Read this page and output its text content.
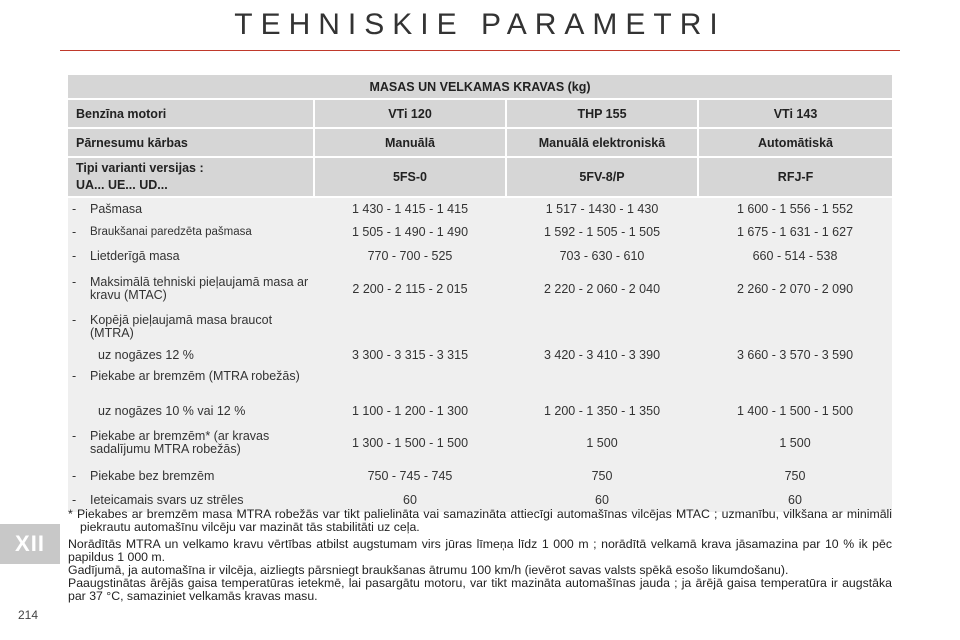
TEHNISKIE PARAMETRI
MASAS UN VELKAMAS KRAVAS (kg)			
Benzīna motori	VTi 120	THP 155	VTi 143
Pārnesumu kārbas	Manuālā	Manuālā elektroniskā	Automātiskā
Tipi varianti versijas :
UA... UE... UD...	5FS-0	5FV-8/P	RFJ-F

- Pašmasa	1 430 - 1 415 - 1 415	1 517 - 1430 - 1 430	1 600 - 1 556 - 1 552

- Braukšanai paredzēta pašmasa	1 505 - 1 490 - 1 490	1 592 - 1 505 - 1 505	1 675 - 1 631 - 1 627

- Lietderīgā masa	770 - 700 - 525	703 - 630 - 610	660 - 514 - 538

- Maksimālā tehniski pieļaujamā masa ar kravu (MTAC)	2 200 - 2 115 - 2 015	2 220 - 2 060 - 2 040	2 260 - 2 070 - 2 090

- Kopējā pieļaujamā masa braucot (MTRA)			

uz nogāzes 12 %	3 300 - 3 315 - 3 315	3 420 - 3 410 - 3 390	3 660 - 3 570 - 3 590

- Piekabe ar bremzēm (MTRA robežās)			

uz nogāzes 10 % vai 12 %	1 100 - 1 200 - 1 300	1 200 - 1 350 - 1 350	1 400 - 1 500 - 1 500

- Piekabe ar bremzēm* (ar kravas sadalījumu MTRA robežās)	1 300 - 1 500 - 1 500	1 500	1 500

- Piekabe bez bremzēm	750 - 745 - 745	750	750

- Ieteicamais svars uz strēles	60	60	60

* Piekabes ar bremzēm masa MTRA robežās var tikt palielināta vai samazināta attiecīgi automašīnas vilcējas MTAC ; uzmanību, vilkšana ar minimāli piekrautu automašīnu vilcēju var mazināt tās stabilitāti uz ceļa.

Norādītās MTRA un velkamo kravu vērtības atbilst augstumam virs jūras līmeņa līdz 1 000 m ; norādītā velkamā krava jāsamazina par 10 % ik pēc papildus 1 000 m.

Gadījumā, ja automašīna ir vilcēja, aizliegts pārsniegt braukšanas ātrumu 100 km/h (ievērot savas valsts spēkā esošo likumdošanu).

Paaugstinātas ārējās gaisa temperatūras ietekmē, lai pasargātu motoru, var tikt mazināta automašīnas jauda ; ja ārējā gaisa temperatūra ir augstāka par 37 °C, samaziniet velkamās kravas masu.

XII
214
